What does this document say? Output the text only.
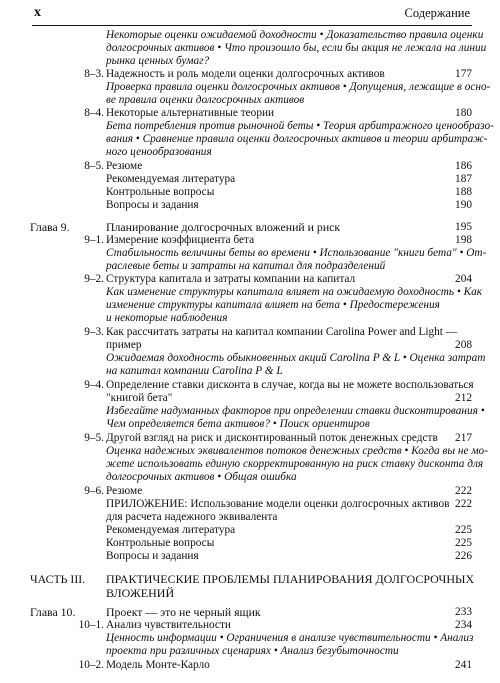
x	Содержание
Некоторые оценки ожидаемой доходности • Доказательство правила оценки
долгосрочных активов • Что произошло бы, если бы акция не лежала на линии
рынка ценных бумаг?
8–3. Надежность и роль модели оценки долгосрочных активов	177
Проверка правила оценки долгосрочных активов • Допущения, лежащие в осно-
ве правила оценки долгосрочных активов
8–4. Некоторые альтернативные теории	180
Бета потребления против рыночной беты • Теория арбитражного ценообразо-
вания • Сравнение правила оценки долгосрочных активов и теории арбитраж-
ного ценообразования
8–5. Резюме	186
Рекомендуемая литература	187
Контрольные вопросы	188
Вопросы и задания	190
Глава 9.	Планирование долгосрочных вложений и риск	195
9–1. Измерение коэффициента бета	198
Стабильность величины беты во времени • Использование "книги бета" • От-
раслевые беты и затраты на капитал для подразделений
9–2. Структура капитала и затраты компании на капитал	204
Как изменение структуры капитала влияет на ожидаемую доходность • Как
изменение структуры капитала влияет на бета • Предостережения
и некоторые наблюдения
9–3. Как рассчитать затраты на капитал компании Carolina Power and Light —
пример	208
Ожидаемая доходность обыкновенных акций Carolina P & L • Оценка затрат
на капитал компании Carolina P & L
9–4. Определение ставки дисконта в случае, когда вы не можете воспользоваться
"книгой бета"	212
Избегайте надуманных факторов при определении ставки дисконтирования •
Чем определяется бета активов? • Поиск ориентиров
9–5. Другой взгляд на риск и дисконтированный поток денежных средств	217
Оценка надежных эквивалентов потоков денежных средств • Когда вы не мо-
жете использовать единую скорректированную на риск ставку дисконта для
долгосрочных активов • Общая ошибка
9–6. Резюме	222
ПРИЛОЖЕНИЕ: Использование модели оценки долгосрочных активов 222
для расчета надежного эквивалента
Рекомендуемая литература	225
Контрольные вопросы	225
Вопросы и задания	226
ЧАСТЬ III.	ПРАКТИЧЕСКИЕ ПРОБЛЕМЫ ПЛАНИРОВАНИЯ ДОЛГОСРОЧНЫХ
ВЛОЖЕНИЙ
Глава 10.	Проект — это не черный ящик	233
10–1. Анализ чувствительности	234
Ценность информации • Ограничения в анализе чувствительности • Анализ
проекта при различных сценариях • Анализ безубыточности
10–2. Модель Монте-Карло	241
